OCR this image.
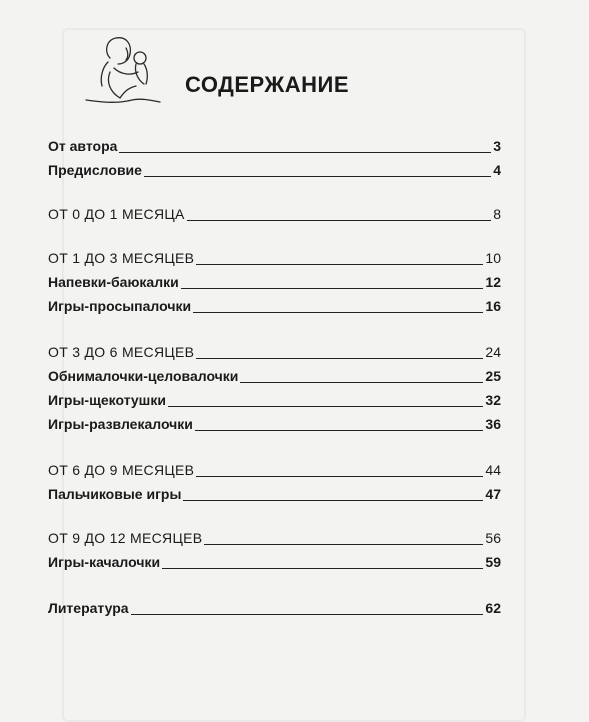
СОДЕРЖАНИЕ
От автора	3
Предисловие	4
ОТ 0 ДО 1 МЕСЯЦА	8
ОТ 1 ДО 3 МЕСЯЦЕВ	10
Напевки-баюкалки	12
Игры-просыпалочки	16
ОТ 3 ДО 6 МЕСЯЦЕВ	24
Обнималочки-целовалочки	25
Игры-щекотушки	32
Игры-развлекалочки	36
ОТ 6 ДО 9 МЕСЯЦЕВ	44
Пальчиковые игры	47
ОТ 9 ДО 12 МЕСЯЦЕВ	56
Игры-качалочки	59
Литература	62
